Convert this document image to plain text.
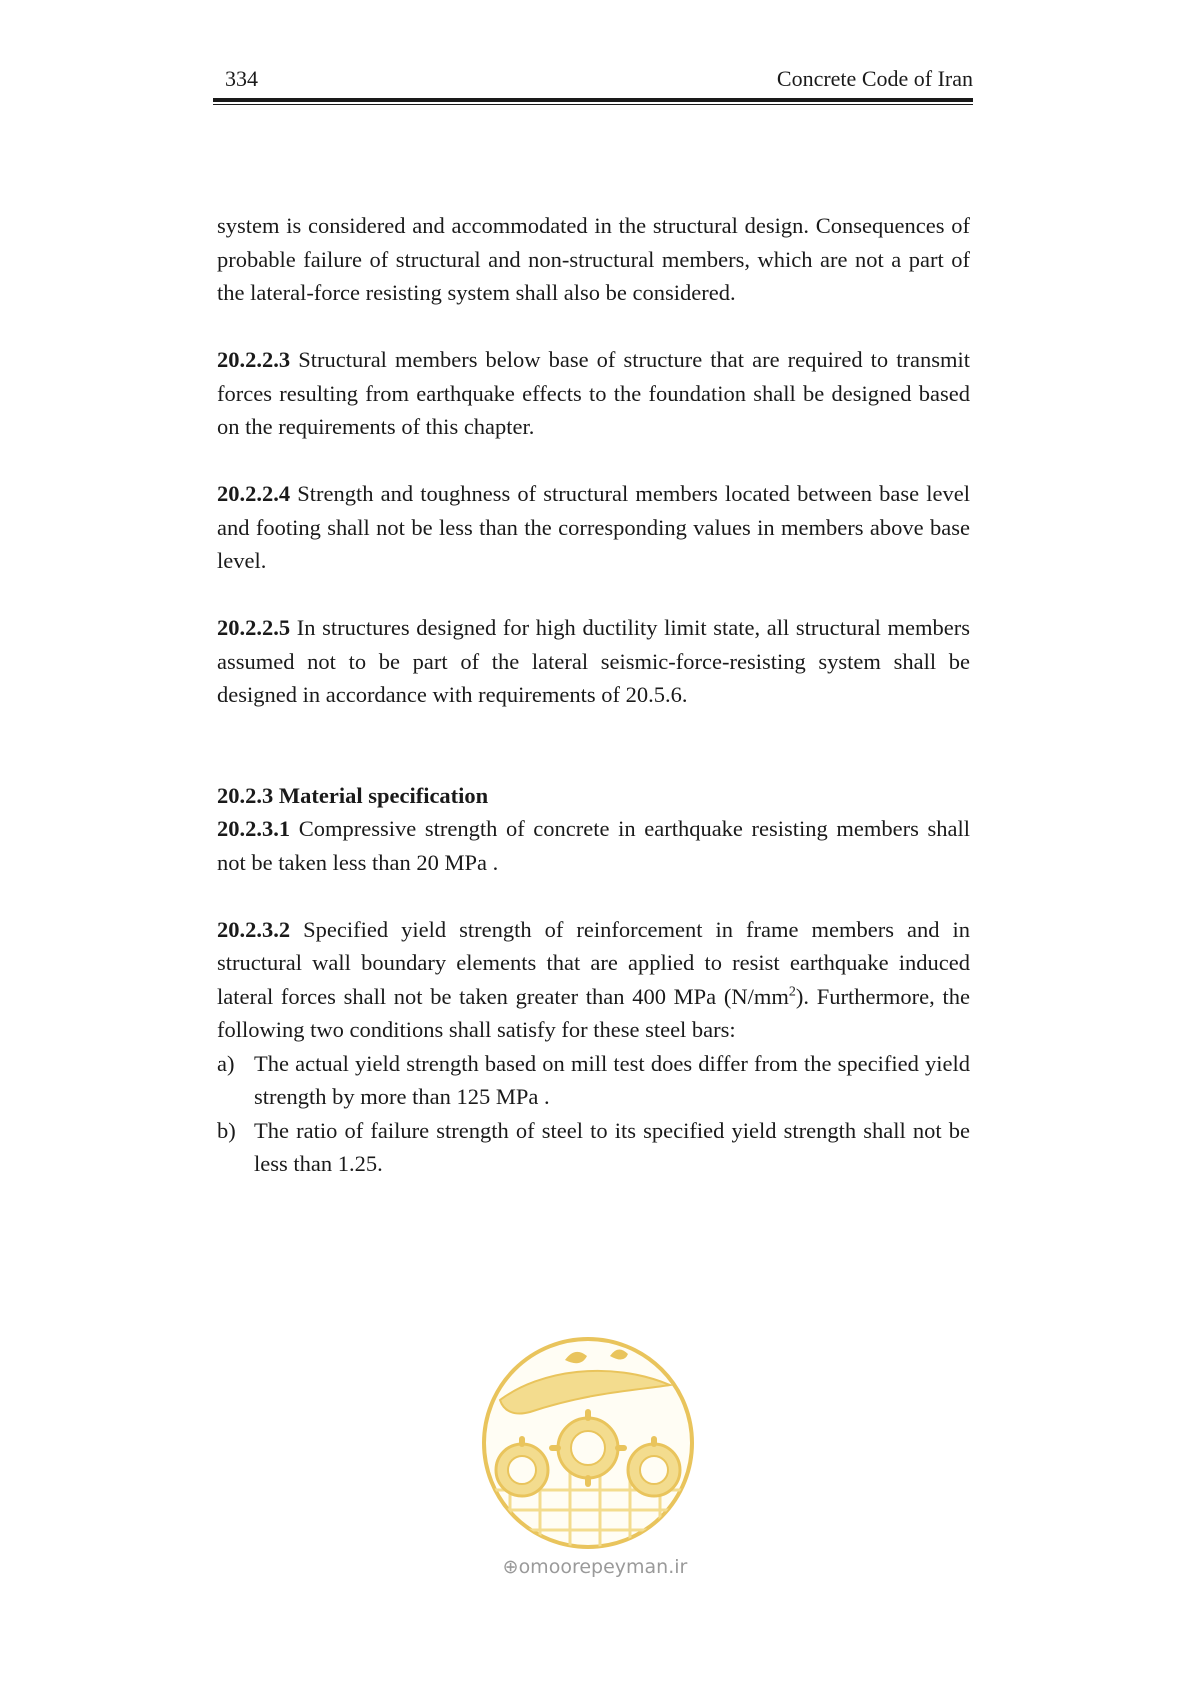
334	Concrete Code of Iran

system is considered and accommodated in the structural design. Consequences of probable failure of structural and non-structural members, which are not a part of the lateral-force resisting system shall also be considered.

20.2.2.3 Structural members below base of structure that are required to transmit forces resulting from earthquake effects to the foundation shall be designed based on the requirements of this chapter.

20.2.2.4 Strength and toughness of structural members located between base level and footing shall not be less than the corresponding values in members above base level.

20.2.2.5 In structures designed for high ductility limit state, all structural members assumed not to be part of the lateral seismic-force-resisting system shall be designed in accordance with requirements of 20.5.6.

20.2.3 Material specification

20.2.3.1 Compressive strength of concrete in earthquake resisting members shall not be taken less than 20 MPa .

20.2.3.2 Specified yield strength of reinforcement in frame members and in structural wall boundary elements that are applied to resist earthquake induced lateral forces shall not be taken greater than 400 MPa $(N/mm^2)$. Furthermore, the following two conditions shall satisfy for these steel bars:

a) The actual yield strength based on mill test does differ from the specified yield strength by more than 125 MPa .

b) The ratio of failure strength of steel to its specified yield strength shall not be less than 1.25.

⊕omoorepeyman.ir
